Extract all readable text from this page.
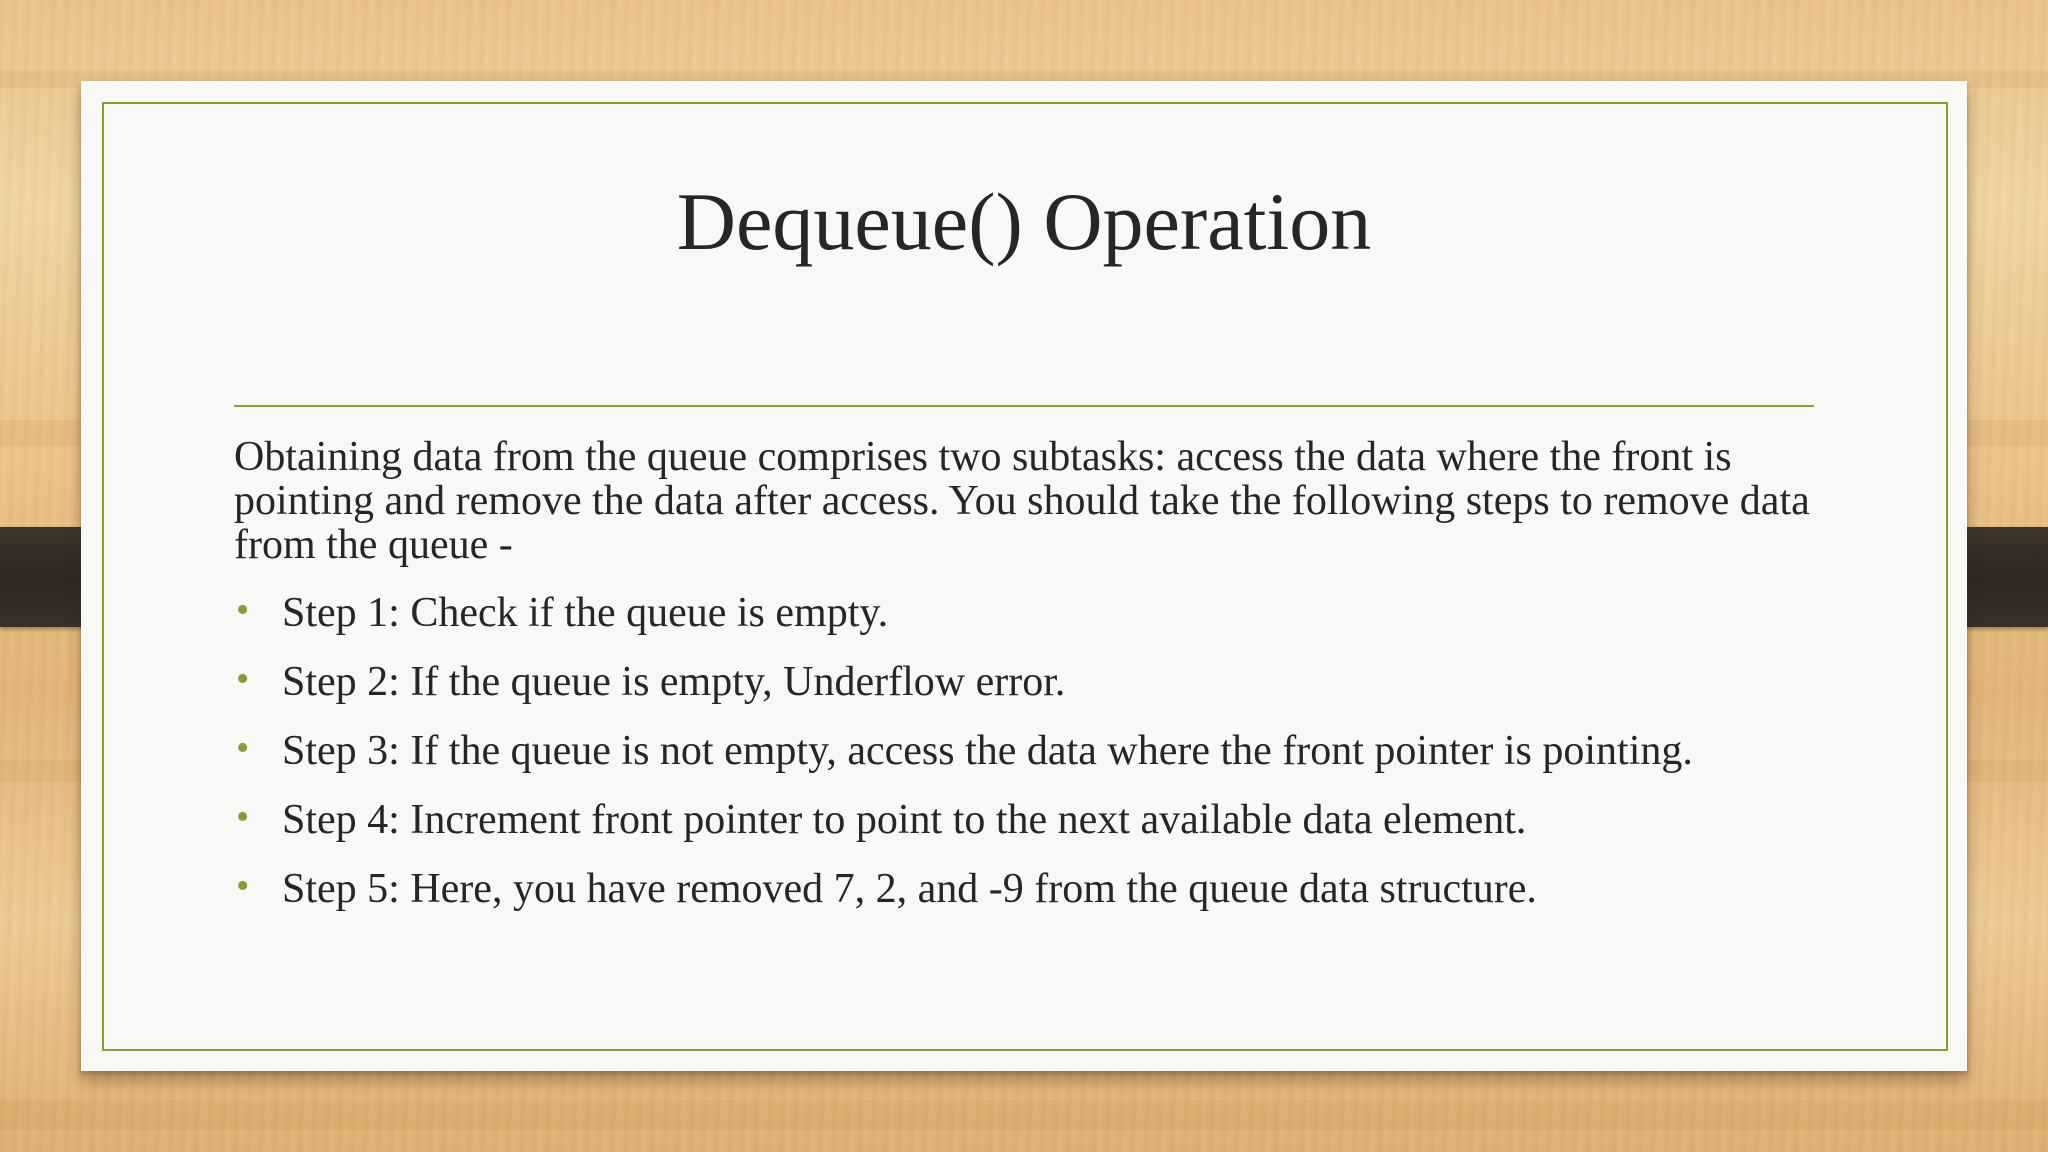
Dequeue() Operation
Obtaining data from the queue comprises two subtasks: access the data where the front is pointing and remove the data after access. You should take the following steps to remove data from the queue -
• Step 1: Check if the queue is empty.
• Step 2: If the queue is empty, Underflow error.
• Step 3: If the queue is not empty, access the data where the front pointer is pointing.
• Step 4: Increment front pointer to point to the next available data element.
• Step 5: Here, you have removed 7, 2, and -9 from the queue data structure.
